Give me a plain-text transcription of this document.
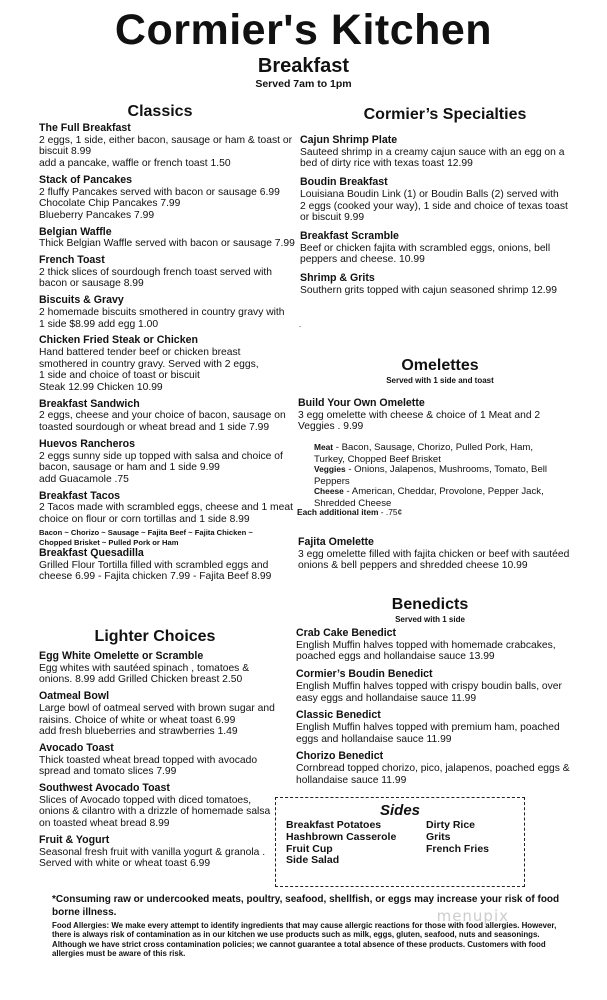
Cormier's Kitchen
Breakfast
Served 7am to 1pm
Classics
The Full Breakfast
2 eggs, 1 side, either bacon, sausage or ham & toast or
biscuit 8.99
add a pancake, waffle or french toast 1.50
Stack of Pancakes
2 fluffy Pancakes served with bacon or sausage 6.99
Chocolate Chip Pancakes 7.99
Blueberry Pancakes 7.99
Belgian Waffle
Thick Belgian Waffle served with bacon or sausage 7.99
French Toast
2 thick slices of sourdough french toast served with
bacon or sausage 8.99
Biscuits & Gravy
2 homemade biscuits smothered in country gravy with
1 side $8.99 add egg 1.00
Chicken Fried Steak or Chicken
Hand battered tender beef or chicken breast
smothered in country gravy. Served with 2 eggs,
1 side and choice of toast or biscuit
Steak 12.99 Chicken 10.99
Breakfast Sandwich
2 eggs, cheese and your choice of bacon, sausage on
toasted sourdough or wheat bread and 1 side 7.99
Huevos Rancheros
2 eggs sunny side up topped with salsa and choice of
bacon, sausage or ham and 1 side 9.99
add Guacamole .75
Breakfast Tacos
2 Tacos made with scrambled eggs, cheese and 1 meat
choice on flour or corn tortillas and 1 side 8.99
Bacon ~ Chorizo ~ Sausage ~ Fajita Beef ~ Fajita Chicken ~
Chopped Brisket ~ Pulled Pork or Ham
Breakfast Quesadilla
Grilled Flour Tortilla filled with scrambled eggs and
cheese 6.99 - Fajita chicken 7.99 - Fajita Beef 8.99
Lighter Choices
Egg White Omelette or Scramble
Egg whites with sautéed spinach , tomatoes &
onions. 8.99 add Grilled Chicken breast 2.50
Oatmeal Bowl
Large bowl of oatmeal served with brown sugar and
raisins. Choice of white or wheat toast 6.99
add fresh blueberries and strawberries 1.49
Avocado Toast
Thick toasted wheat bread topped with avocado
spread and tomato slices 7.99
Southwest Avocado Toast
Slices of Avocado topped with diced tomatoes,
onions & cilantro with a drizzle of homemade salsa
on toasted wheat bread 8.99
Fruit & Yogurt
Seasonal fresh fruit with vanilla yogurt & granola .
Served with white or wheat toast 6.99
Cormier’s Specialties
Cajun Shrimp Plate
Sauteed shrimp in a creamy cajun sauce with an egg on a
bed of dirty rice with texas toast 12.99
Boudin Breakfast
Louisiana Boudin Link (1) or Boudin Balls (2) served with
2 eggs (cooked your way), 1 side and choice of texas toast
or biscuit 9.99
Breakfast Scramble
Beef or chicken fajita with scrambled eggs, onions, bell
peppers and cheese. 10.99
Shrimp & Grits
Southern grits topped with cajun seasoned shrimp 12.99
.
Omelettes
Served with 1 side and toast
Build Your Own Omelette
3 egg omelette with cheese & choice of 1 Meat and 2
Veggies . 9.99
Meat - Bacon, Sausage, Chorizo, Pulled Pork, Ham,
Turkey, Chopped Beef Brisket
Veggies - Onions, Jalapenos, Mushrooms, Tomato, Bell
Peppers
Cheese - American, Cheddar, Provolone, Pepper Jack,
Shredded Cheese
Each additional item - .75¢
Fajita Omelette
3 egg omelette filled with fajita chicken or beef with sautéed
onions & bell peppers and shredded cheese 10.99
Benedicts
Served with 1 side
Crab Cake Benedict
English Muffin halves topped with homemade crabcakes,
poached eggs and hollandaise sauce 13.99
Cormier’s Boudin Benedict
English Muffin halves topped with crispy boudin balls, over
easy eggs and hollandaise sauce 11.99
Classic Benedict
English Muffin halves topped with premium ham, poached
eggs and hollandaise sauce 11.99
Chorizo Benedict
Cornbread topped chorizo, pico, jalapenos, poached eggs &
hollandaise sauce 11.99
Sides
Breakfast Potatoes
Hashbrown Casserole
Fruit Cup
Side Salad
Dirty Rice
Grits
French Fries
*Consuming raw or undercooked meats, poultry, seafood, shellfish, or eggs may increase your risk of food borne illness.
Food Allergies: We make every attempt to identify ingredients that may cause allergic reactions for those with food allergies. However, there is always risk of contamination as in our kitchen we use products such as milk, eggs, gluten, seafood, nuts and seasonings. Although we have strict cross contamination policies; we cannot guarantee a total absence of these products. Customers with food allergies must be aware of this risk.
menupix
